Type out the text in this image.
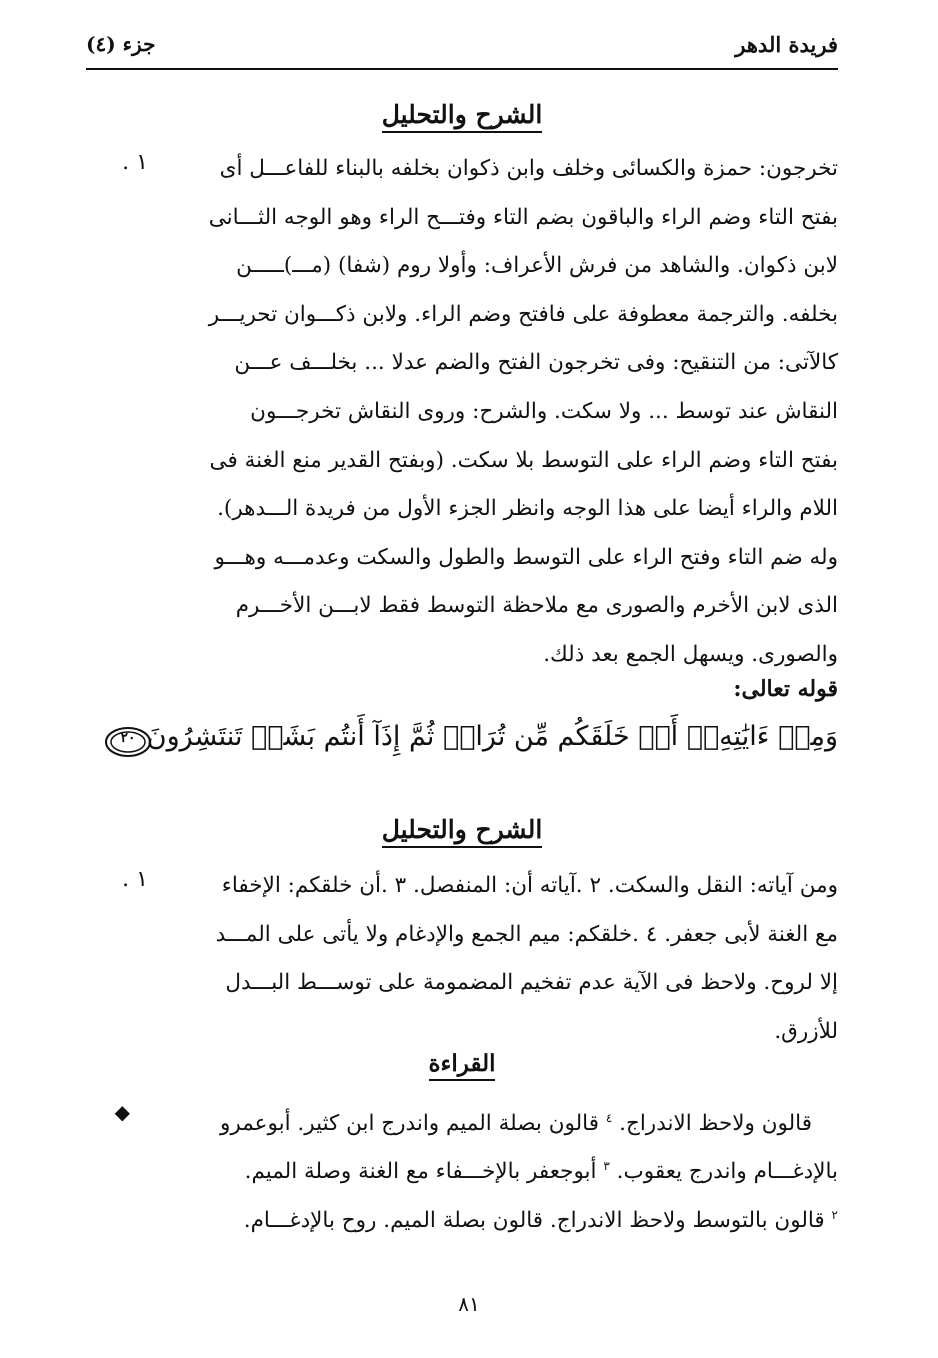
فريدة الدهر
جزء (٤)
الشرح والتحليل
١ .	تخرجون: حمزة والكسائى وخلف وابن ذكوان بخلفه بالبناء للفاعـــل أى
بفتح التاء وضم الراء والباقون بضم التاء وفتـــح الراء وهو الوجه الثـــانى
لابن ذكوان. والشاهد من فرش الأعراف: وأولا روم (شفا) (مـــ)ـــــن
بخلفه. والترجمة معطوفة على فافتح وضم الراء. ولابن ذكـــوان تحريـــر
كالآتى: من التنقيح: وفى تخرجون الفتح والضم عدلا ... بخلـــف عـــن
النقاش عند توسط ... ولا سكت. والشرح: وروى النقاش تخرجـــون
بفتح التاء وضم الراء على التوسط بلا سكت. (وبفتح القدير منع الغنة فى
اللام والراء أيضا على هذا الوجه وانظر الجزء الأول من فريدة الـــدهر).
وله ضم التاء وفتح الراء على التوسط والطول والسكت وعدمـــه وهـــو
الذى لابن الأخرم والصورى مع ملاحظة التوسط فقط لابـــن الأخـــرم
والصورى. ويسهل الجمع بعد ذلك.
قوله تعالى:
وَمِنۡ ءَايَٰتِهِۦٓ أَنۡ خَلَقَكُم مِّن تُرَابٖ ثُمَّ إِذَآ أَنتُم بَشَرٞ تَنتَشِرُونَ
٢٠
الشرح والتحليل
١ .	ومن آياته: النقل والسكت. ٢ .آياته أن: المنفصل. ٣ .أن خلقكم: الإخفاء
مع الغنة لأبى جعفر. ٤ .خلقكم: ميم الجمع والإدغام ولا يأتى على المـــد
إلا لروح. ولاحظ فى الآية عدم تفخيم المضمومة على توســـط البـــدل
للأزرق.
القراءة
◆	قالون ولاحظ الاندراج. $^٤$ قالون بصلة الميم واندرج ابن كثير. أبوعمرو
بالإدغـــام واندرج يعقوب. $^٣$ أبوجعفر بالإخـــفاء مع الغنة وصلة الميم.
$^٢$ قالون بالتوسط ولاحظ الاندراج. قالون بصلة الميم. روح بالإدغـــام.
٨١
